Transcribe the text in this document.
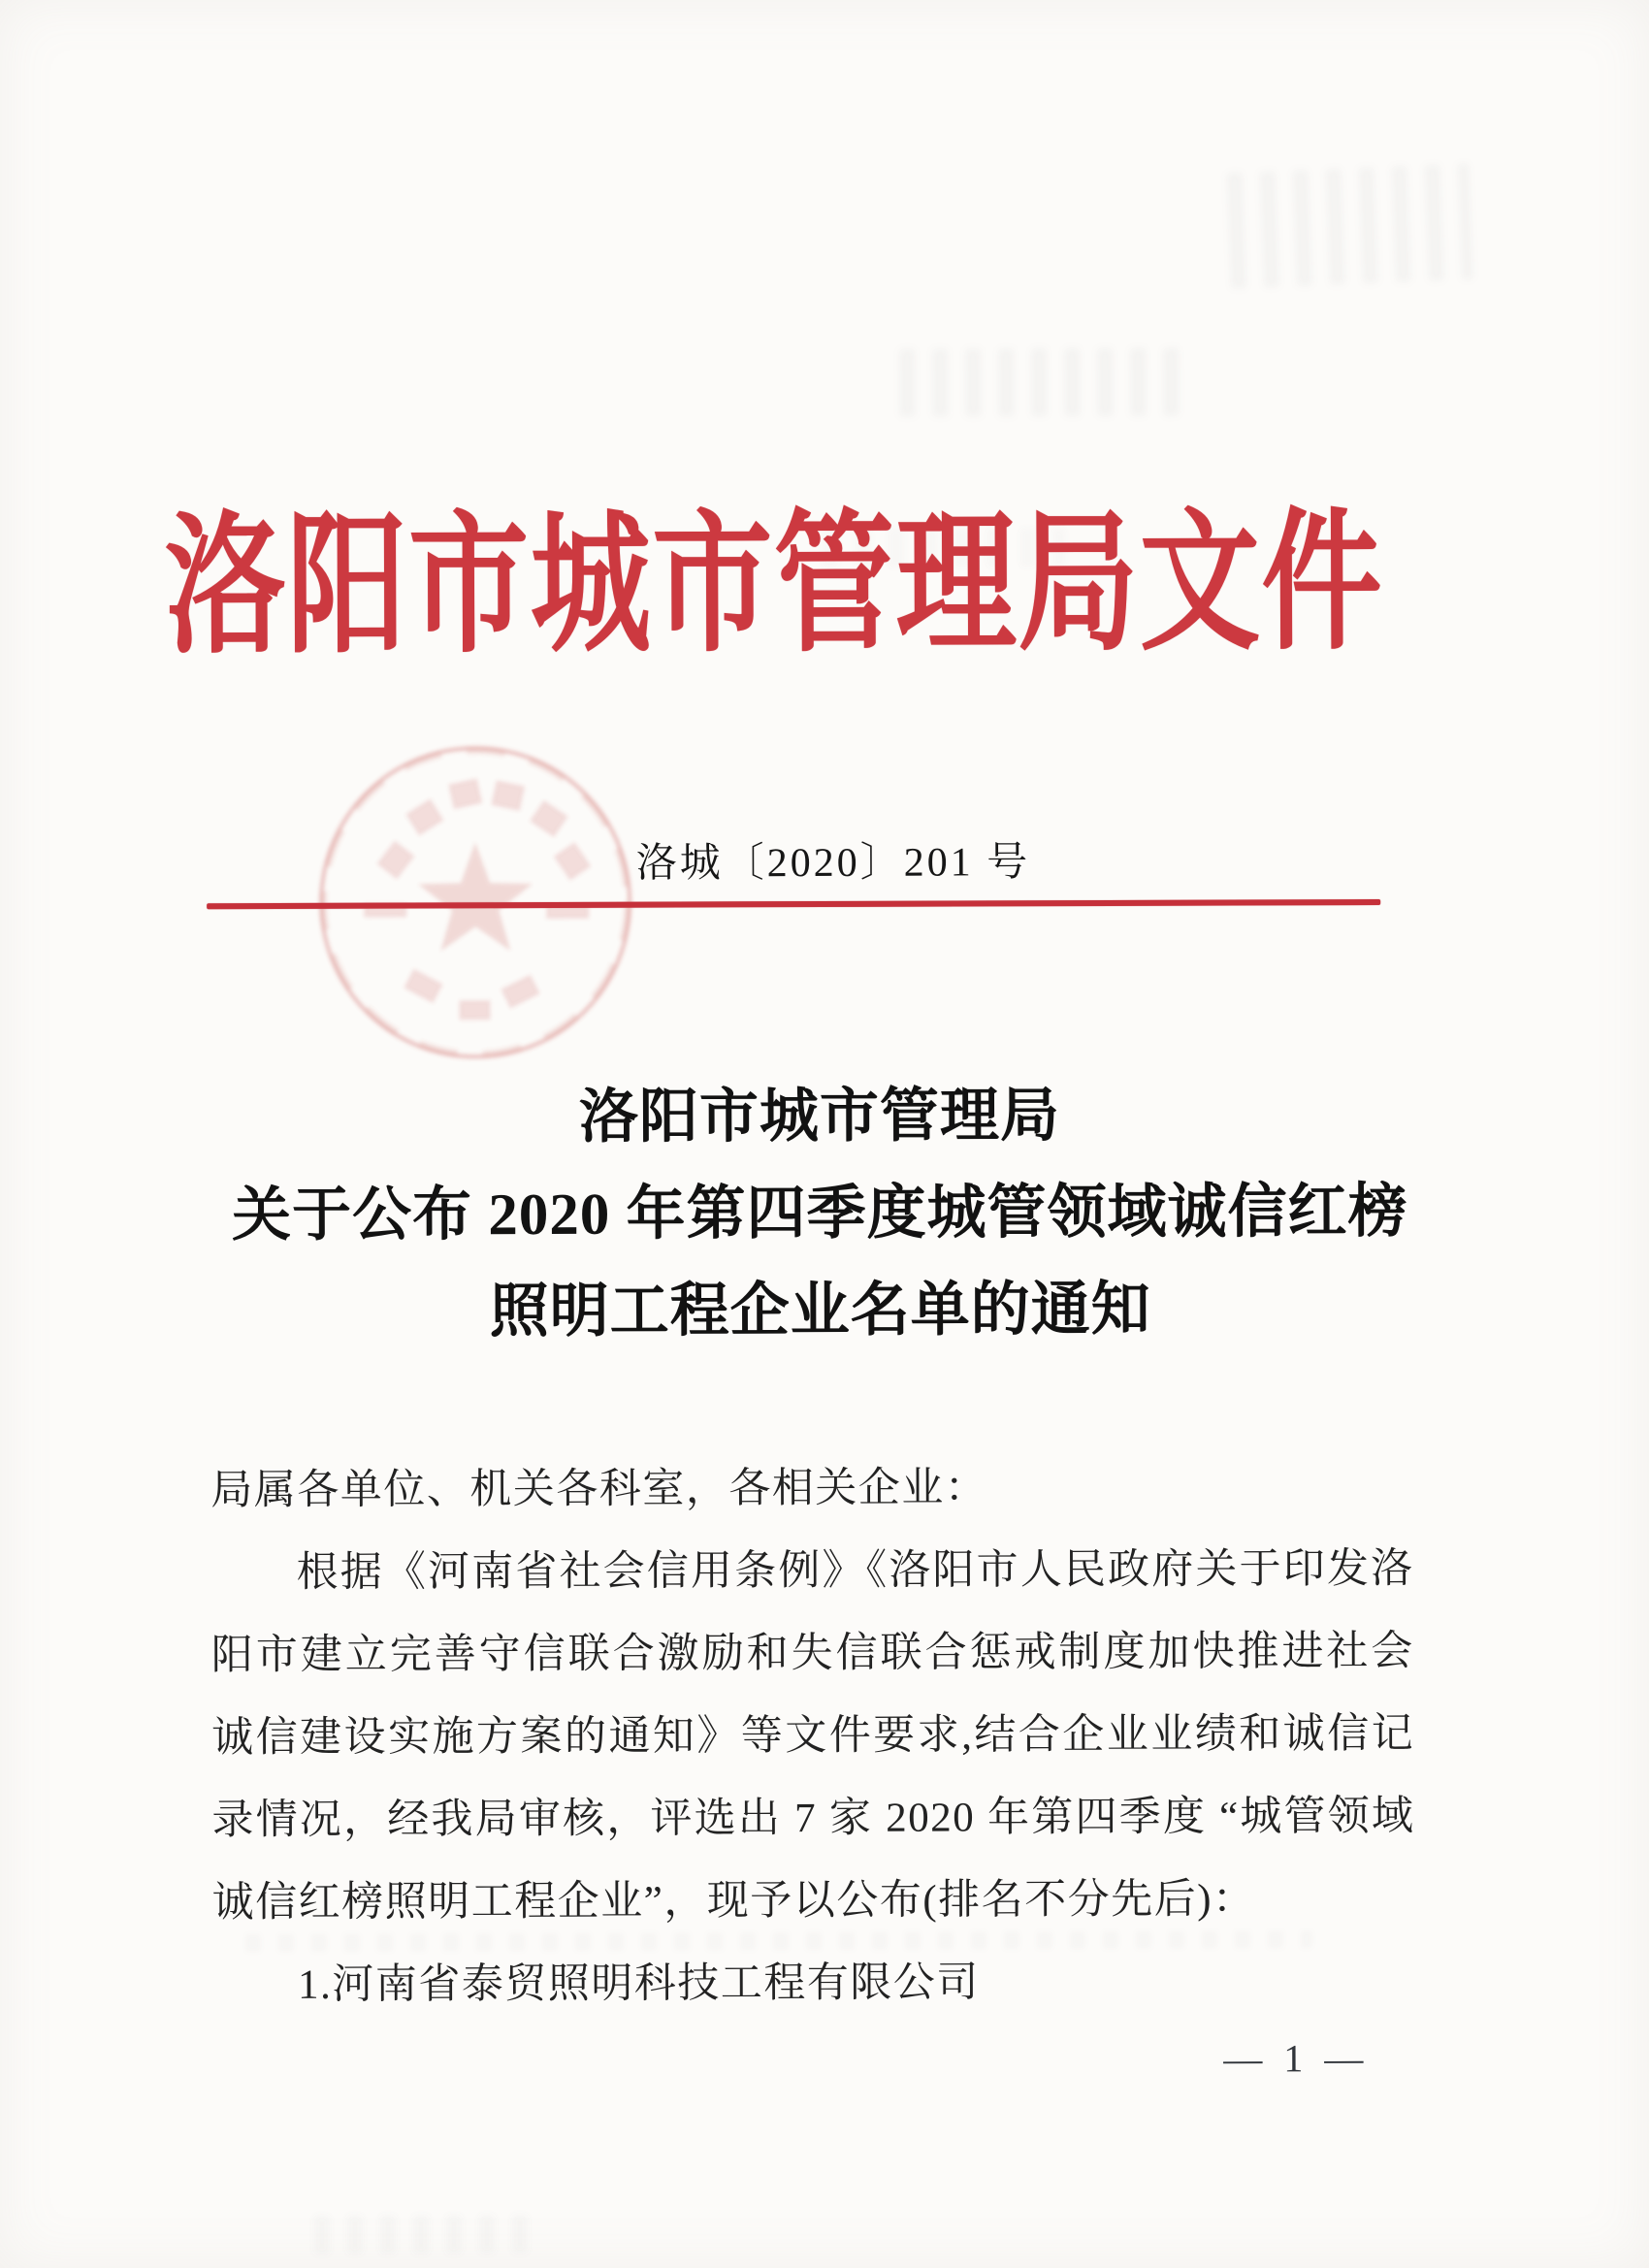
洛阳市城市管理局文件
洛城〔2020〕201 号
洛阳市城市管理局
关于公布 2020 年第四季度城管领域诚信红榜
照明工程企业名单的通知
局属各单位、机关各科室，各相关企业：
根据《河南省社会信用条例》《洛阳市人民政府关于印发洛
阳市建立完善守信联合激励和失信联合惩戒制度加快推进社会
诚信建设实施方案的通知》等文件要求,结合企业业绩和诚信记
录情况，经我局审核，评选出 7 家 2020 年第四季度 “城管领域
诚信红榜照明工程企业”，现予以公布(排名不分先后)：
1.河南省泰贸照明科技工程有限公司
— 1 —
